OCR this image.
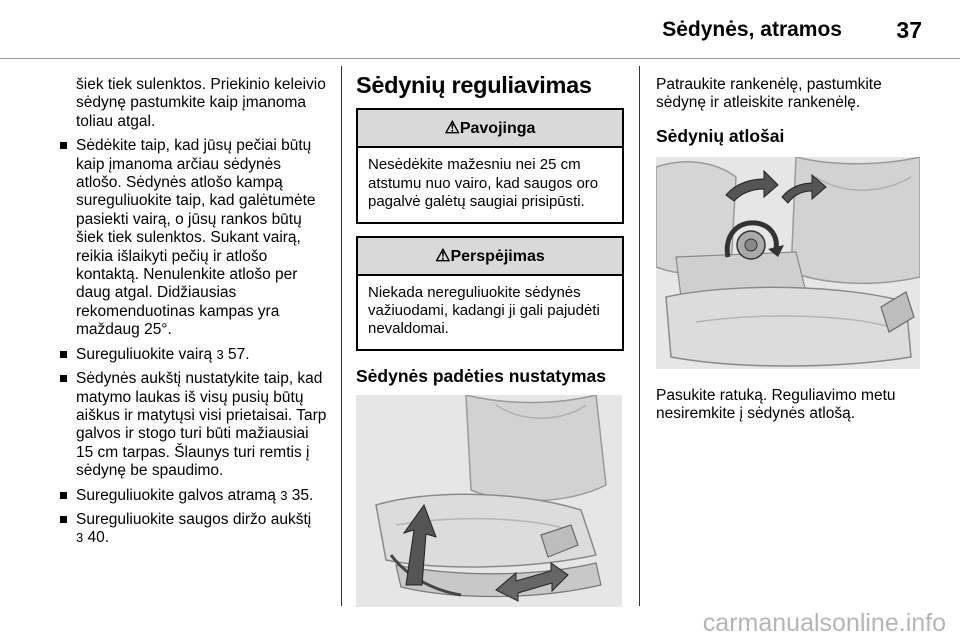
Sėdynės, atramos 37
šiek tiek sulenktos. Priekinio keleivio sėdynę pastumkite kaip įmanoma toliau atgal.
Sėdėkite taip, kad jūsų pečiai būtų kaip įmanoma arčiau sėdynės atlošo. Sėdynės atlošo kampą sureguliuokite taip, kad galėtumėte pasiekti vairą, o jūsų rankos būtų šiek tiek sulenktos. Sukant vairą, reikia išlaikyti pečių ir atlošo kontaktą. Nenulenkite atlošo per daug atgal. Didžiausias rekomenduotinas kampas yra maždaug 25°.
Sureguliuokite vairą 3 57.
Sėdynės aukštį nustatykite taip, kad matymo laukas iš visų pusių būtų aiškus ir matytųsi visi prietaisai. Tarp galvos ir stogo turi būti mažiausiai 15 cm tarpas. Šlaunys turi remtis į sėdynę be spaudimo.
Sureguliuokite galvos atramą 3 35.
Sureguliuokite saugos diržo aukštį
3 40.
Sėdynių reguliavimas
⚠Pavojinga
Nesėdėkite mažesniu nei 25 cm atstumu nuo vairo, kad saugos oro pagalvė galėtų saugiai prisipūsti.
⚠Perspėjimas
Niekada nereguliuokite sėdynės važiuodami, kadangi ji gali pajudėti nevaldomai.
Sėdynės padėties nustatymas
Patraukite rankenėlę, pastumkite sėdynę ir atleiskite rankenėlę.
Sėdynių atlošai
Pasukite ratuką. Reguliavimo metu nesiremkite į sėdynės atlošą.
carmanualsonline.info
